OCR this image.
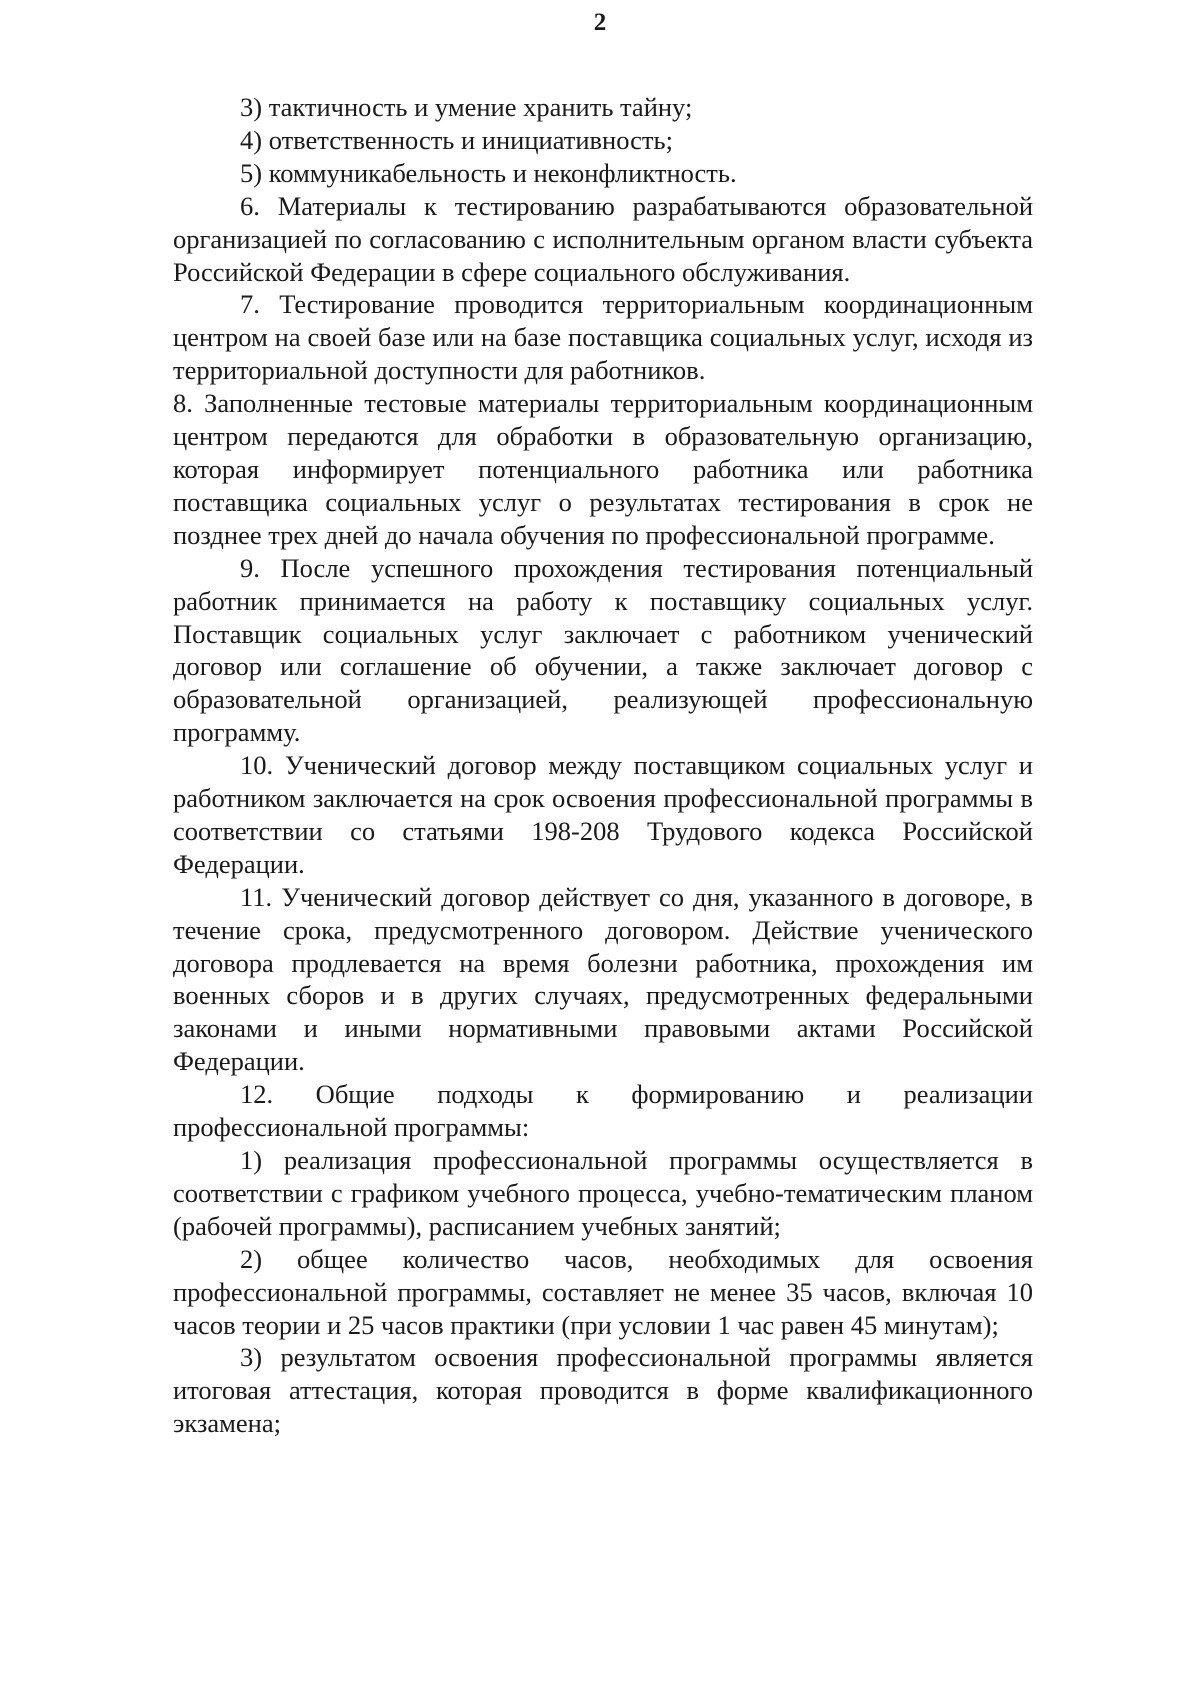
2

3) тактичность и умение хранить тайну;

4) ответственность и инициативность;

5) коммуникабельность и неконфликтность.

6. Материалы к тестированию разрабатываются образовательной организацией по согласованию с исполнительным органом власти субъекта Российской Федерации в сфере социального обслуживания.

7. Тестирование проводится территориальным координационным центром на своей базе или на базе поставщика социальных услуг, исходя из территориальной доступности для работников.

8. Заполненные тестовые материалы территориальным координационным центром передаются для обработки в образовательную организацию, которая информирует потенциального работника или работника поставщика социальных услуг о результатах тестирования в срок не позднее трех дней до начала обучения по профессиональной программе.

9. После успешного прохождения тестирования потенциальный работник принимается на работу к поставщику социальных услуг. Поставщик социальных услуг заключает с работником ученический договор или соглашение об обучении, а также заключает договор с образовательной организацией, реализующей профессиональную программу.

10. Ученический договор между поставщиком социальных услуг и работником заключается на срок освоения профессиональной программы в соответствии со статьями 198-208 Трудового кодекса Российской Федерации.

11. Ученический договор действует со дня, указанного в договоре, в течение срока, предусмотренного договором. Действие ученического договора продлевается на время болезни работника, прохождения им военных сборов и в других случаях, предусмотренных федеральными законами и иными нормативными правовыми актами Российской Федерации.

12. Общие подходы к формированию и реализации профессиональной программы:

1) реализация профессиональной программы осуществляется в соответствии с графиком учебного процесса, учебно-тематическим планом (рабочей программы), расписанием учебных занятий;

2) общее количество часов, необходимых для освоения профессиональной программы, составляет не менее 35 часов, включая 10 часов теории и 25 часов практики (при условии 1 час равен 45 минутам);

3) результатом освоения профессиональной программы является итоговая аттестация, которая проводится в форме квалификационного экзамена;
